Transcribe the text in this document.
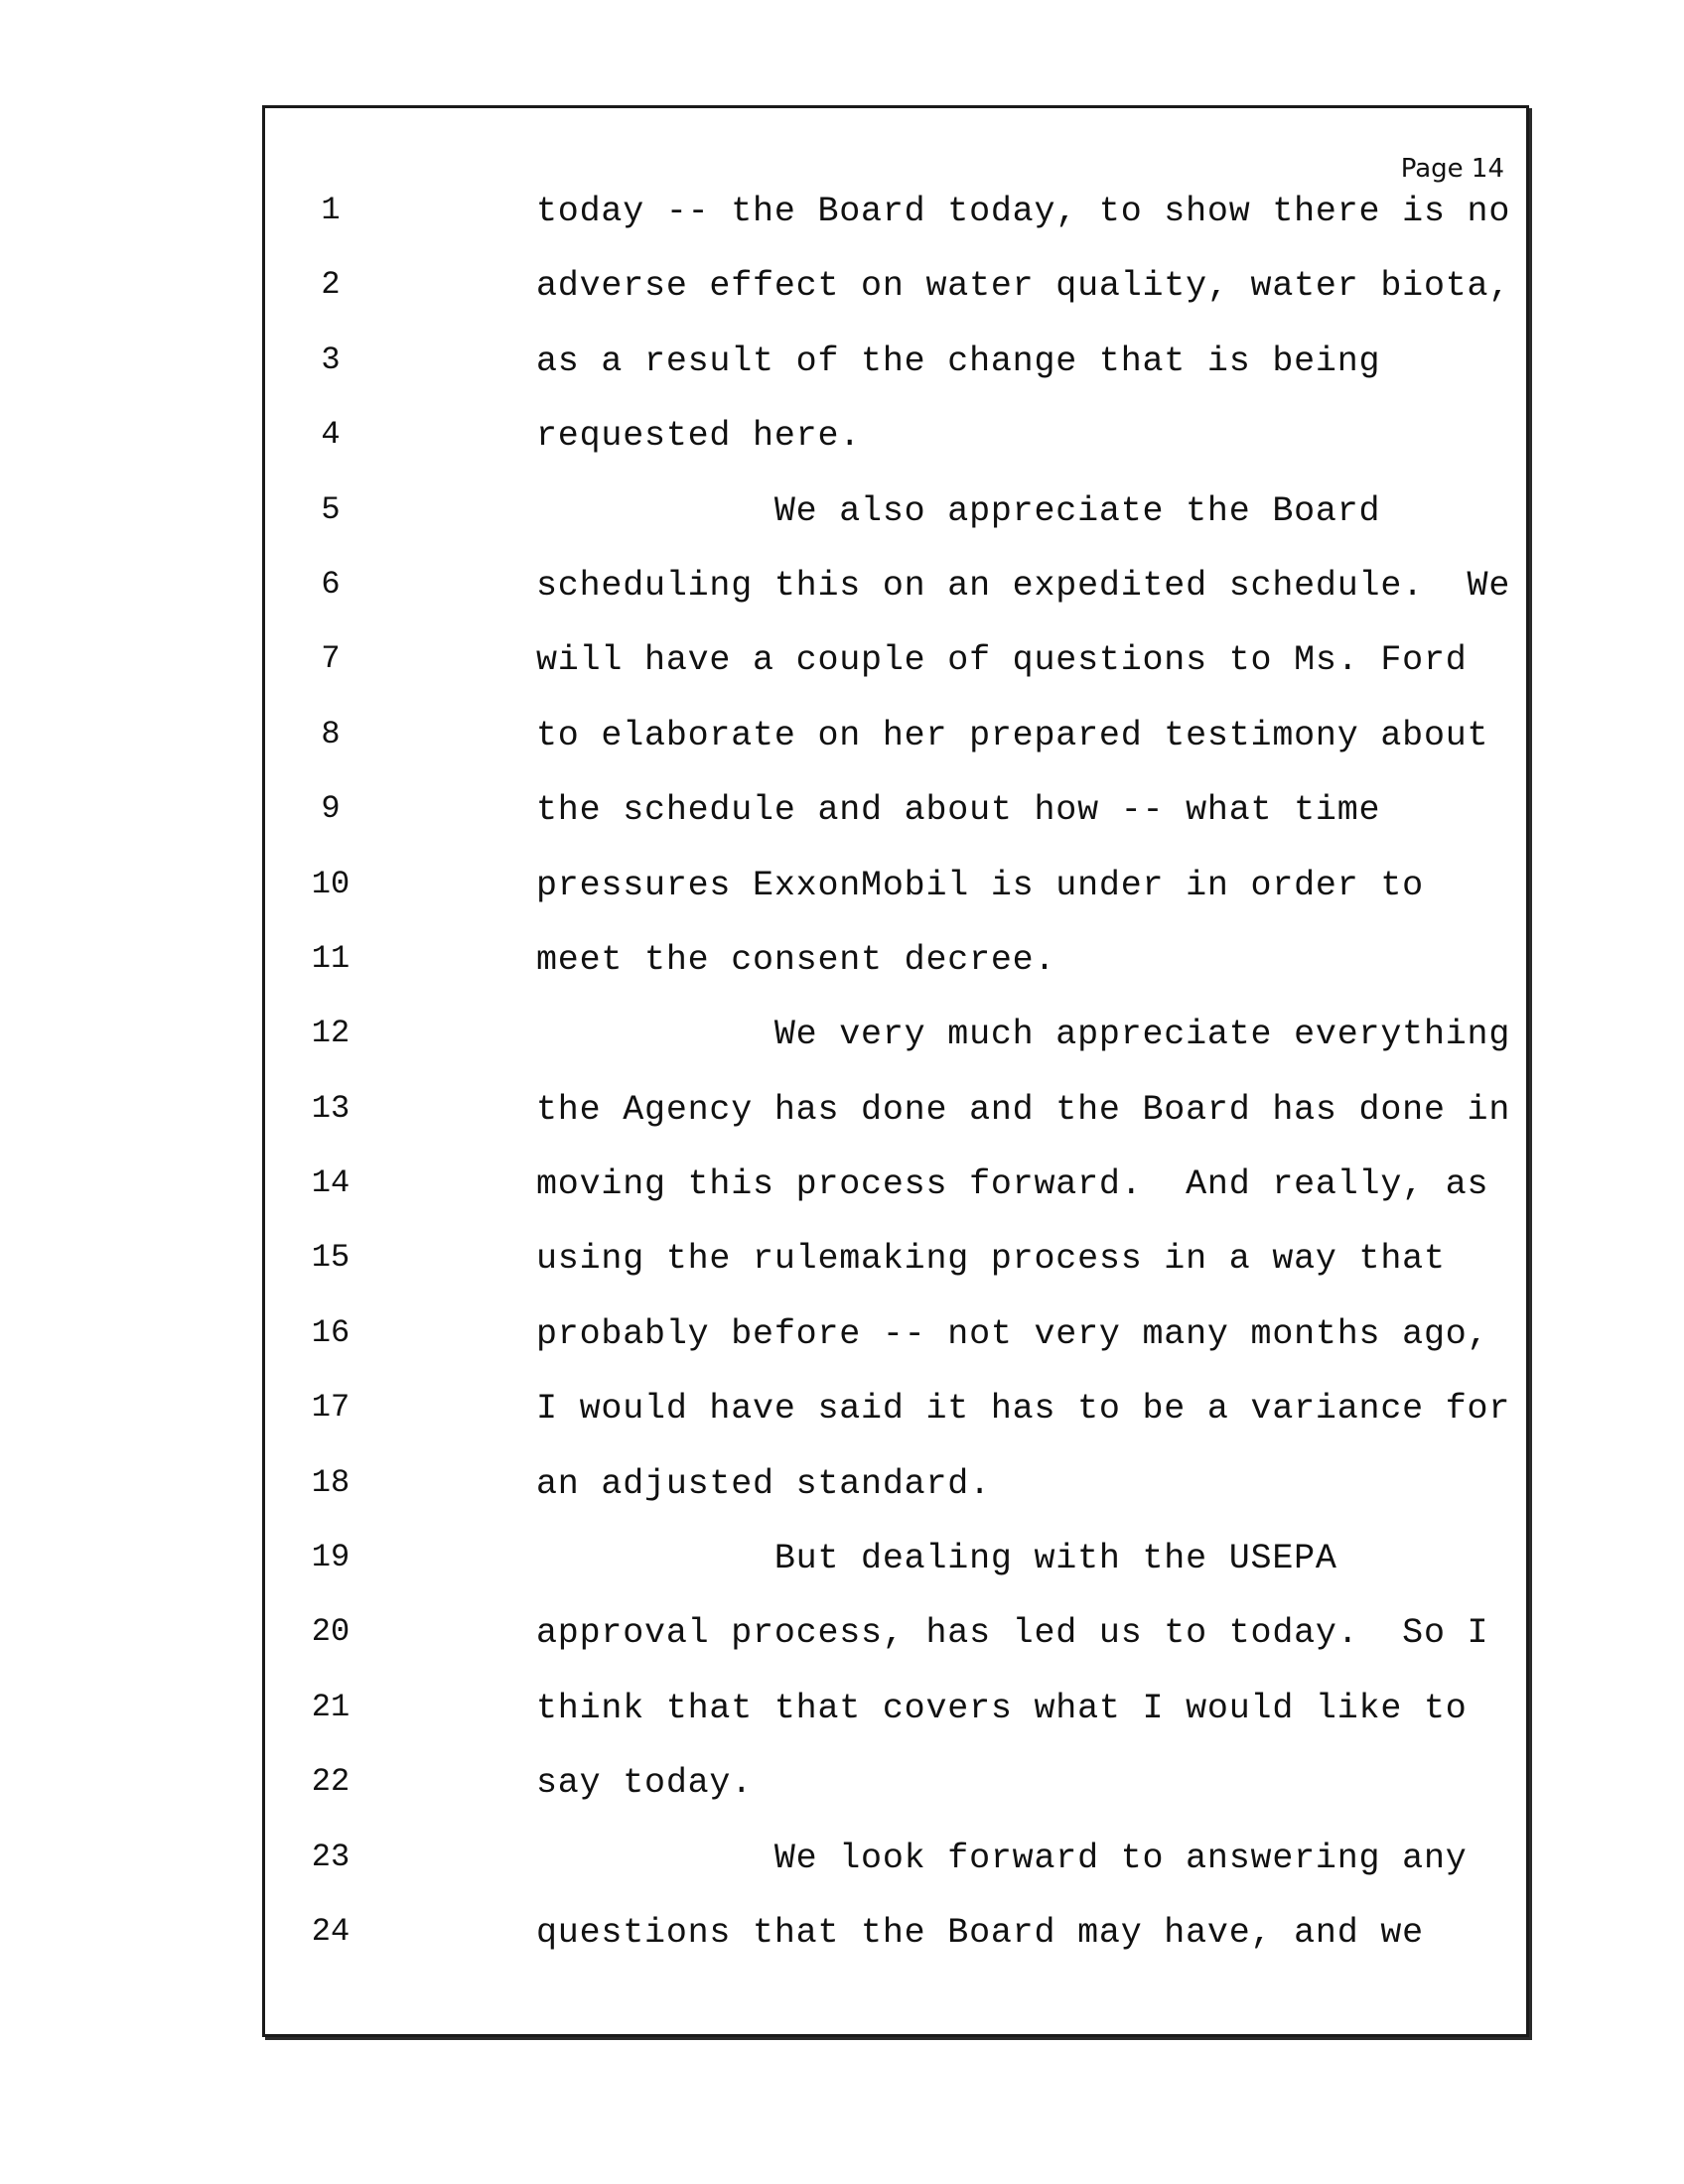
Page 14
1	today -- the Board today, to show there is no
2	adverse effect on water quality, water biota,
3	as a result of the change that is being
4	requested here.
5	We also appreciate the Board
6	scheduling this on an expedited schedule.  We
7	will have a couple of questions to Ms. Ford
8	to elaborate on her prepared testimony about
9	the schedule and about how -- what time
10	pressures ExxonMobil is under in order to
11	meet the consent decree.
12	We very much appreciate everything
13	the Agency has done and the Board has done in
14	moving this process forward.  And really, as
15	using the rulemaking process in a way that
16	probably before -- not very many months ago,
17	I would have said it has to be a variance for
18	an adjusted standard.
19	But dealing with the USEPA
20	approval process, has led us to today.  So I
21	think that that covers what I would like to
22	say today.
23	We look forward to answering any
24	questions that the Board may have, and we
